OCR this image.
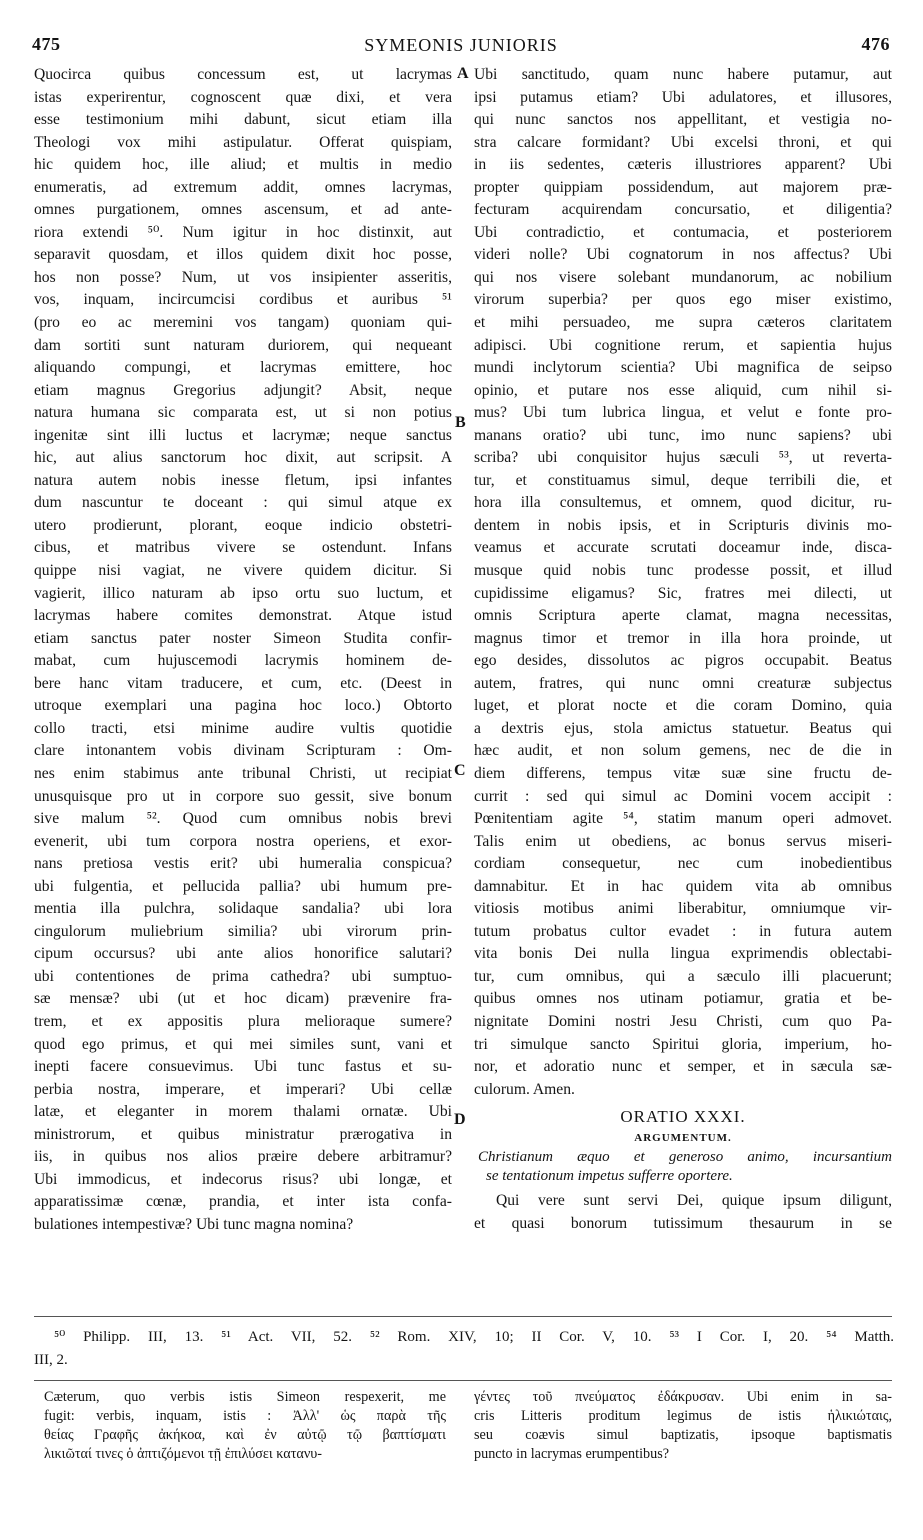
475	SYMEONIS JUNIORIS	476
A
B
C
D
Quocirca quibus concessum est, ut lacrymas
istas experirentur, cognoscent quæ dixi, et vera
esse testimonium mihi dabunt, sicut etiam illa
Theologi vox mihi astipulatur. Offerat quispiam,
hic quidem hoc, ille aliud; et multis in medio
enumeratis, ad extremum addit, omnes lacrymas,
omnes purgationem, omnes ascensum, et ad ante-
riora extendi ⁵⁰. Num igitur in hoc distinxit, aut
separavit quosdam, et illos quidem dixit hoc posse,
hos non posse? Num, ut vos insipienter asseritis,
vos, inquam, incircumcisi cordibus et auribus ⁵¹
(pro eo ac meremini vos tangam) quoniam qui-
dam sortiti sunt naturam duriorem, qui nequeant
aliquando compungi, et lacrymas emittere, hoc
etiam magnus Gregorius adjungit? Absit, neque
natura humana sic comparata est, ut si non potius
ingenitæ sint illi luctus et lacrymæ; neque sanctus
hic, aut alius sanctorum hoc dixit, aut scripsit. A
natura autem nobis inesse fletum, ipsi infantes
dum nascuntur te doceant : qui simul atque ex
utero prodierunt, plorant, eoque indicio obstetri-
cibus, et matribus vivere se ostendunt. Infans
quippe nisi vagiat, ne vivere quidem dicitur. Si
vagierit, illico naturam ab ipso ortu suo luctum, et
lacrymas habere comites demonstrat. Atque istud
etiam sanctus pater noster Simeon Studita confir-
mabat, cum hujuscemodi lacrymis hominem de-
bere hanc vitam traducere, et cum, etc. (Deest in
utroque exemplari una pagina hoc loco.) Obtorto
collo tracti, etsi minime audire vultis quotidie
clare intonantem vobis divinam Scripturam : Om-
nes enim stabimus ante tribunal Christi, ut recipiat
unusquisque pro ut in corpore suo gessit, sive bonum
sive malum ⁵². Quod cum omnibus nobis brevi
evenerit, ubi tum corpora nostra operiens, et exor-
nans pretiosa vestis erit? ubi humeralia conspicua?
ubi fulgentia, et pellucida pallia? ubi humum pre-
mentia illa pulchra, solidaque sandalia? ubi lora
cingulorum muliebrium similia? ubi virorum prin-
cipum occursus? ubi ante alios honorifice salutari?
ubi contentiones de prima cathedra? ubi sumptuo-
sæ mensæ? ubi (ut et hoc dicam) prævenire fra-
trem, et ex appositis plura melioraque sumere?
quod ego primus, et qui mei similes sunt, vani et
inepti facere consuevimus. Ubi tunc fastus et su-
perbia nostra, imperare, et imperari? Ubi cellæ
latæ, et eleganter in morem thalami ornatæ. Ubi
ministrorum, et quibus ministratur prærogativa in
iis, in quibus nos alios præire debere arbitramur?
Ubi immodicus, et indecorus risus? ubi longæ, et
apparatissimæ cœnæ, prandia, et inter ista confa-
bulationes intempestivæ? Ubi tunc magna nomina?
Ubi sanctitudo, quam nunc habere putamur, aut
ipsi putamus etiam? Ubi adulatores, et illusores,
qui nunc sanctos nos appellitant, et vestigia no-
stra calcare formidant? Ubi excelsi throni, et qui
in iis sedentes, cæteris illustriores apparent? Ubi
propter quippiam possidendum, aut majorem præ-
fecturam acquirendam concursatio, et diligentia?
Ubi contradictio, et contumacia, et posteriorem
videri nolle? Ubi cognatorum in nos affectus? Ubi
qui nos visere solebant mundanorum, ac nobilium
virorum superbia? per quos ego miser existimo,
et mihi persuadeo, me supra cæteros claritatem
adipisci. Ubi cognitione rerum, et sapientia hujus
mundi inclytorum scientia? Ubi magnifica de seipso
opinio, et putare nos esse aliquid, cum nihil si-
mus? Ubi tum lubrica lingua, et velut e fonte pro-
manans oratio? ubi tunc, imo nunc sapiens? ubi
scriba? ubi conquisitor hujus sæculi ⁵³, ut reverta-
tur, et constituamus simul, deque terribili die, et
hora illa consultemus, et omnem, quod dicitur, ru-
dentem in nobis ipsis, et in Scripturis divinis mo-
veamus et accurate scrutati doceamur inde, disca-
musque quid nobis tunc prodesse possit, et illud
cupidissime eligamus? Sic, fratres mei dilecti, ut
omnis Scriptura aperte clamat, magna necessitas,
magnus timor et tremor in illa hora proinde, ut
ego desides, dissolutos ac pigros occupabit. Beatus
autem, fratres, qui nunc omni creaturæ subjectus
luget, et plorat nocte et die coram Domino, quia
a dextris ejus, stola amictus statuetur. Beatus qui
hæc audit, et non solum gemens, nec de die in
diem differens, tempus vitæ suæ sine fructu de-
currit : sed qui simul ac Domini vocem accipit :
Pœnitentiam agite ⁵⁴, statim manum operi admovet.
Talis enim ut obediens, ac bonus servus miseri-
cordiam consequetur, nec cum inobedientibus
damnabitur. Et in hac quidem vita ab omnibus
vitiosis motibus animi liberabitur, omniumque vir-
tutum probatus cultor evadet : in futura autem
vita bonis Dei nulla lingua exprimendis oblectabi-
tur, cum omnibus, qui a sæculo illi placuerunt;
quibus omnes nos utinam potiamur, gratia et be-
nignitate Domini nostri Jesu Christi, cum quo Pa-
tri simulque sancto Spiritui gloria, imperium, ho-
nor, et adoratio nunc et semper, et in sæcula sæ-
culorum. Amen.
ORATIO XXXI.
ARGUMENTUM.
Christianum æquo et generoso animo, incursantium
se tentationum impetus sufferre oportere.
Qui vere sunt servi Dei, quique ipsum diligunt,
et quasi bonorum tutissimum thesaurum in se
⁵⁰ Philipp. III, 13. ⁵¹ Act. VII, 52. ⁵² Rom. XIV, 10; II Cor. V, 10. ⁵³ I Cor. I, 20. ⁵⁴ Matth.
III, 2.
Cæterum, quo verbis istis Simeon respexerit, me
fugit: verbis, inquam, istis : Ἀλλ' ὡς παρὰ τῆς
θείας Γραφῆς ἀκήκοα, καὶ ἐν αὐτῷ τῷ βαπτίσματι
λικιῶταί τινες ὁ ἀπτιζόμενοι τῇ ἐπιλύσει κατανυ-
γέντες τοῦ πνεύματος ἐδάκρυσαν. Ubi enim in sa-
cris Litteris proditum legimus de istis ἡλικιώταις,
seu coævis simul baptizatis, ipsoque baptismatis
puncto in lacrymas erumpentibus?
